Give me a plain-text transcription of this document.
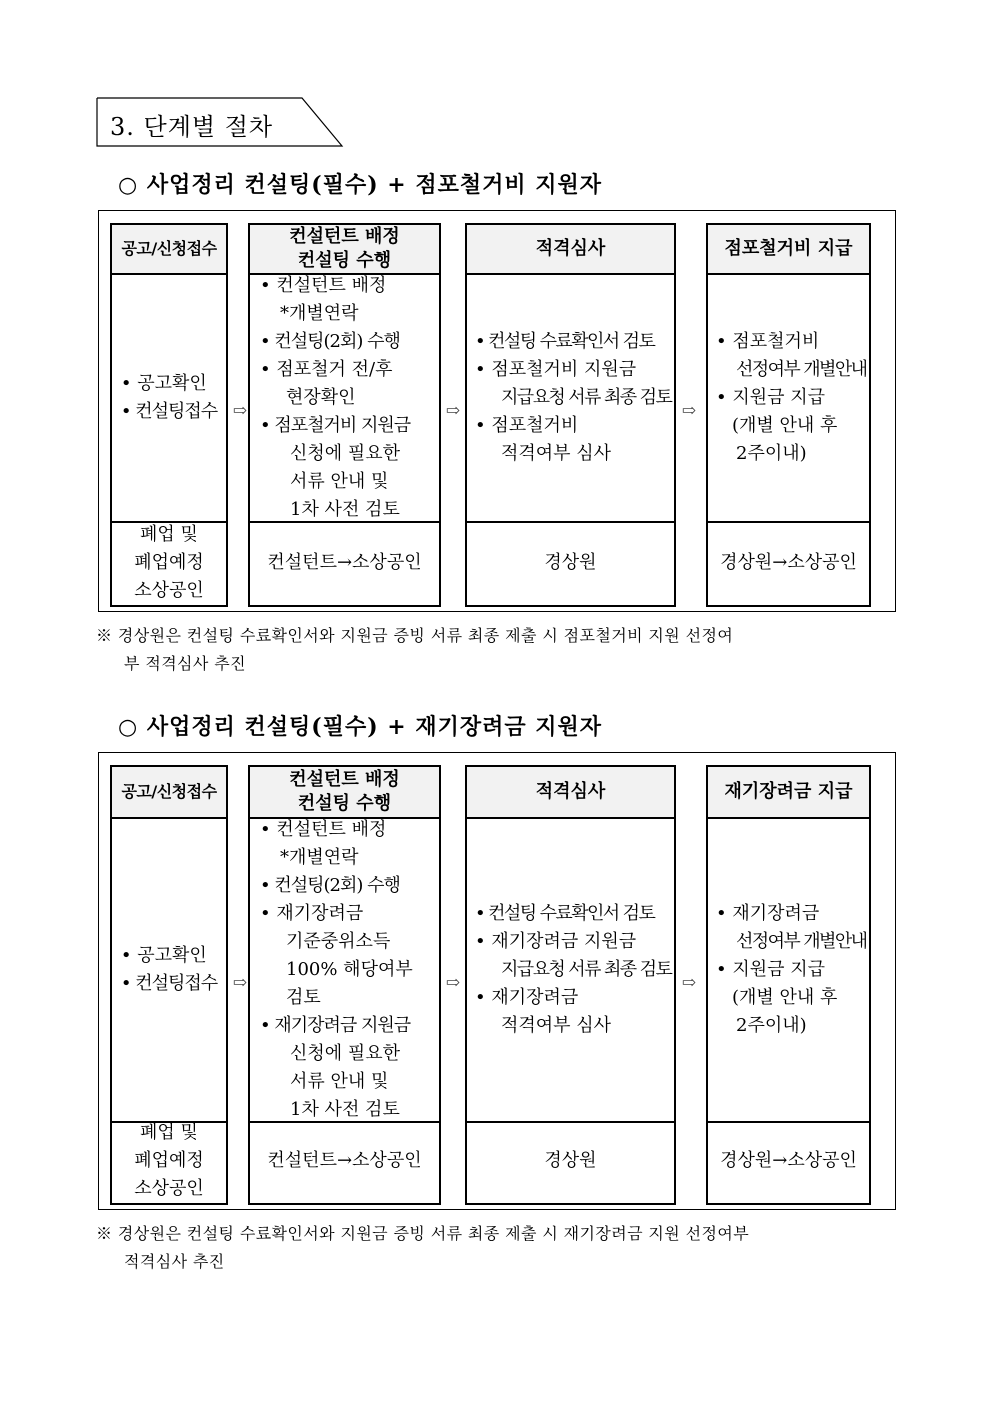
3. 단계별 절차
○ 사업정리 컨설팅(필수) + 점포철거비 지원자
공고/신청접수
• 공고확인
• 컨설팅접수
폐업 및
폐업예정
소상공인
⇨
컨설턴트 배정
컨설팅 수행
• 컨설턴트 배정
*개별연락
• 컨설팅(2회) 수행
• 점포철거 전/후
현장확인
• 점포철거비 지원금
신청에 필요한
서류 안내 및
1차 사전 검토
컨설턴트→소상공인
⇨
적격심사
• 컨설팅 수료확인서 검토
• 점포철거비 지원금
지급요청 서류 최종 검토
• 점포철거비
적격여부 심사
경상원
⇨
점포철거비 지급
• 점포철거비
선정여부 개별안내
• 지원금 지급
(개별 안내 후
2주이내)
경상원→소상공인
※ 경상원은 컨설팅 수료확인서와 지원금 증빙 서류 최종 제출 시 점포철거비 지원 선정여
부 적격심사 추진
○ 사업정리 컨설팅(필수) + 재기장려금 지원자
공고/신청접수
• 공고확인
• 컨설팅접수
폐업 및
폐업예정
소상공인
⇨
컨설턴트 배정
컨설팅 수행
• 컨설턴트 배정
*개별연락
• 컨설팅(2회) 수행
• 재기장려금
기준중위소득
100% 해당여부
검토
• 재기장려금 지원금
신청에 필요한
서류 안내 및
1차 사전 검토
컨설턴트→소상공인
⇨
적격심사
• 컨설팅 수료확인서 검토
• 재기장려금 지원금
지급요청 서류 최종 검토
• 재기장려금
적격여부 심사
경상원
⇨
재기장려금 지급
• 재기장려금
선정여부 개별안내
• 지원금 지급
(개별 안내 후
2주이내)
경상원→소상공인
※ 경상원은 컨설팅 수료확인서와 지원금 증빙 서류 최종 제출 시 재기장려금 지원 선정여부
적격심사 추진
